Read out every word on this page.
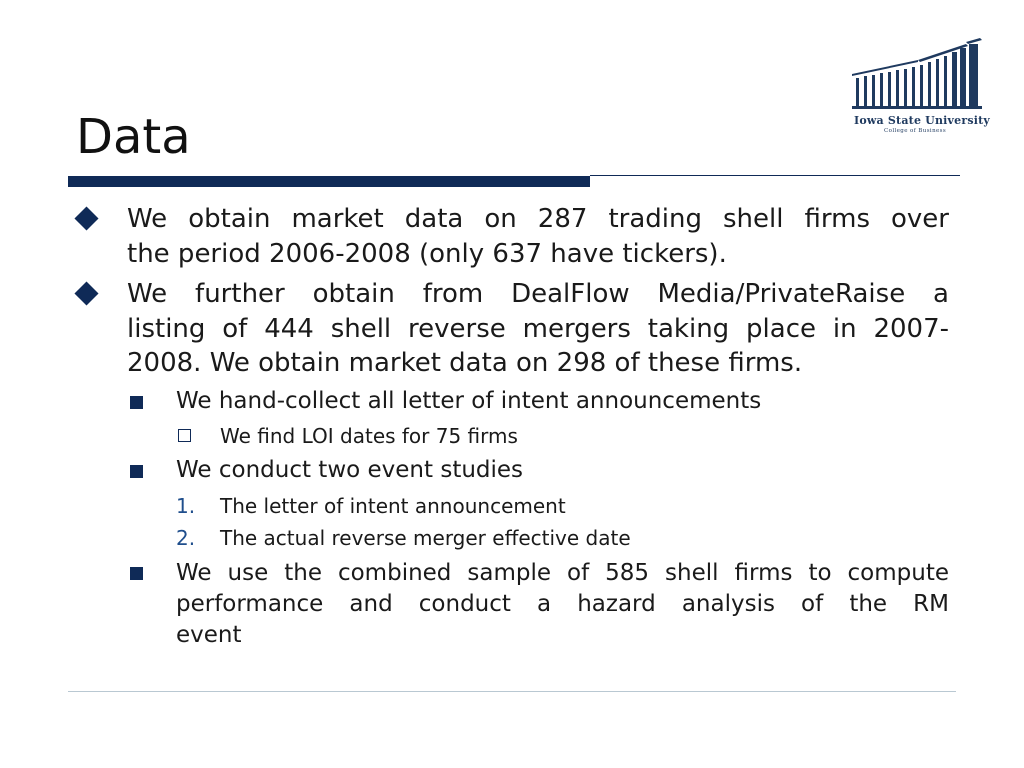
Data	Iowa State University
College of Business
We obtain market data on 287 trading shell firms over
the period 2006-2008 (only 637 have tickers).
We further obtain from DealFlow Media/PrivateRaise a
listing of 444 shell reverse mergers taking place in 2007-
2008. We obtain market data on 298 of these firms.
We hand-collect all letter of intent announcements
We find LOI dates for 75 firms
We conduct two event studies
1. The letter of intent announcement
2. The actual reverse merger effective date
We use the combined sample of 585 shell firms to compute
performance and conduct a hazard analysis of the RM
event
